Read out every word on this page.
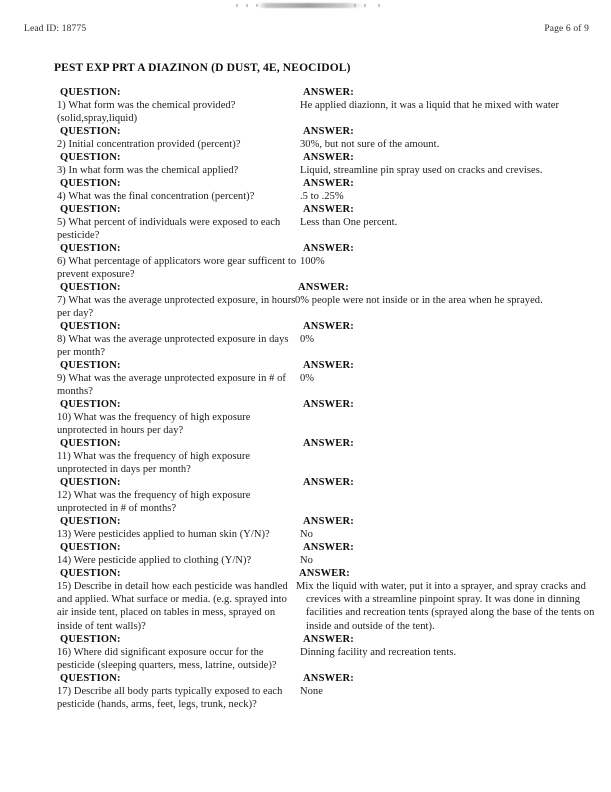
Lead ID: 18775	Page 6 of 9
PEST EXP PRT A DIAZINON (D DUST, 4E, NEOCIDOL)
QUESTION:
1) What form was the chemical provided?(solid,spray,liquid)
ANSWER:
He applied diazionn, it was a liquid that he mixed with water
QUESTION:
2) Initial concentration provided (percent)?
ANSWER:
30%, but not sure of the amount.
QUESTION:
3) In what form was the chemical applied?
ANSWER:
Liquid, streamline pin spray used on cracks and crevises.
QUESTION:
4) What was the final concentration (percent)?
ANSWER:
.5 to .25%
QUESTION:
5) What percent of individuals were exposed to each pesticide?
ANSWER:
Less than One percent.
QUESTION:
6) What percentage of applicators wore gear sufficent to prevent exposure?
ANSWER:
100%
QUESTION:
7) What was the average unprotected exposure, in hours per day?
ANSWER:
0% people were not inside or in the area when he sprayed.
QUESTION:
8) What was the average unprotected exposure in days per month?
ANSWER:
0%
QUESTION:
9) What was the average unprotected exposure in # of months?
ANSWER:
0%
QUESTION:
10) What was the frequency of high exposure unprotected in hours per day?
ANSWER:
QUESTION:
11) What was the frequency of high exposure unprotected in days per month?
ANSWER:
QUESTION:
12) What was the frequency of high exposure unprotected in # of months?
ANSWER:
QUESTION:
13) Were pesticides applied to human skin (Y/N)?
ANSWER:
No
QUESTION:
14) Were pesticide applied to clothing (Y/N)?
ANSWER:
No
QUESTION:
15) Describe in detail how each pesticide was handled and applied. What surface or media. (e.g. sprayed into air inside tent, placed on tables in mess, sprayed on inside of tent walls)?
ANSWER:
Mix the liquid with water, put it into a sprayer, and spray cracks and crevices with a streamline pinpoint spray. It was done in dinning facilities and recreation tents (sprayed along the base of the tents on inside and outside of the tent).
QUESTION:
16) Where did significant exposure occur for the pesticide (sleeping quarters, mess, latrine, outside)?
ANSWER:
Dinning facility and recreation tents.
QUESTION:
17) Describe all body parts typically exposed to each pesticide (hands, arms, feet, legs, trunk, neck)?
ANSWER:
None
